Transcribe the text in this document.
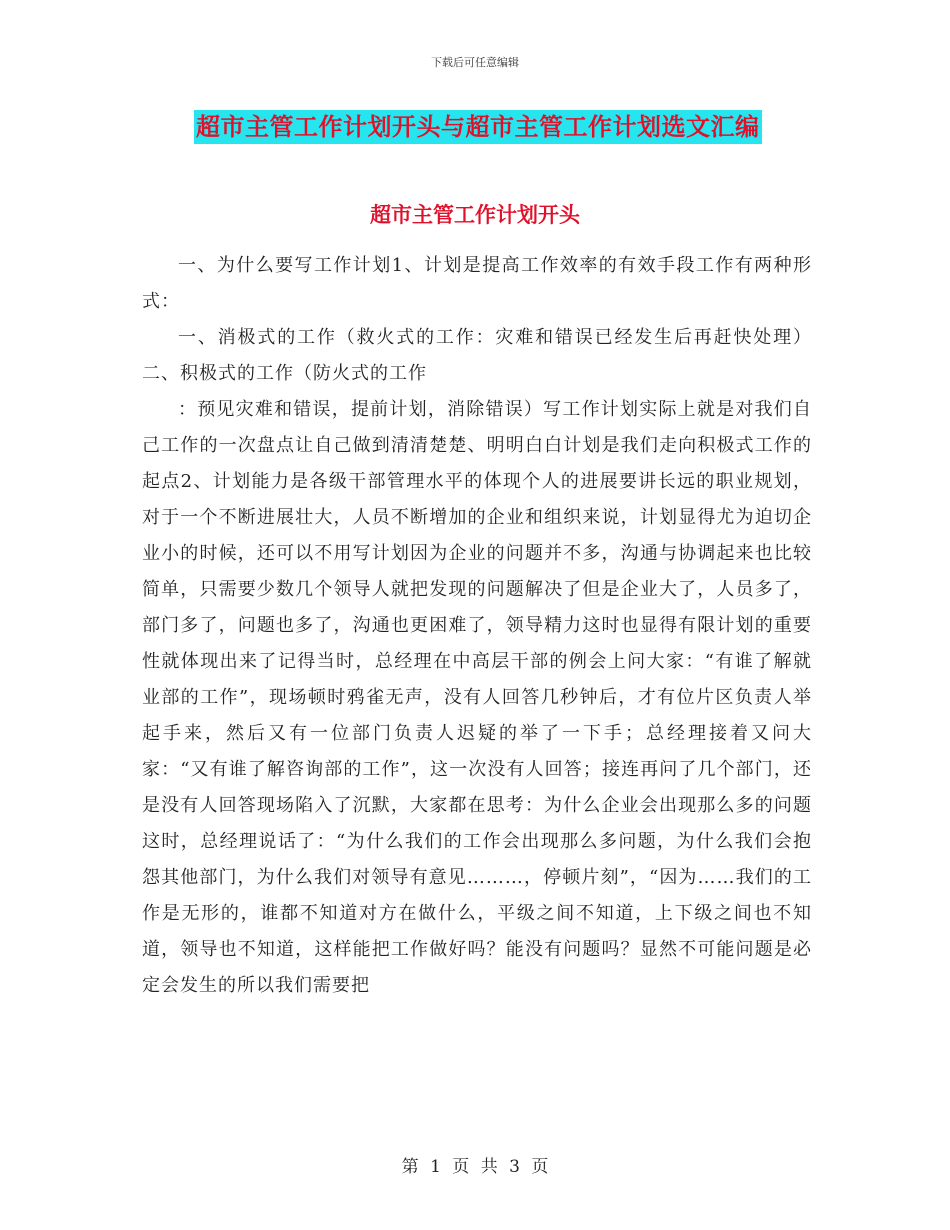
下载后可任意编辑
超市主管工作计划开头与超市主管工作计划选文汇编
超市主管工作计划开头

一、为什么要写工作计划1、计划是提高工作效率的有效手段工作有两种形式：

一、消极式的工作（救火式的工作：灾难和错误已经发生后再赶快处理）二、积极式的工作（防火式的工作

：预见灾难和错误，提前计划，消除错误）写工作计划实际上就是对我们自己工作的一次盘点让自己做到清清楚楚、明明白白计划是我们走向积极式工作的起点2、计划能力是各级干部管理水平的体现个人的进展要讲长远的职业规划，对于一个不断进展壮大，人员不断增加的企业和组织来说，计划显得尤为迫切企业小的时候，还可以不用写计划因为企业的问题并不多，沟通与协调起来也比较简单，只需要少数几个领导人就把发现的问题解决了但是企业大了，人员多了，部门多了，问题也多了，沟通也更困难了，领导精力这时也显得有限计划的重要性就体现出来了记得当时，总经理在中高层干部的例会上问大家：“有谁了解就业部的工作”，现场顿时鸦雀无声，没有人回答几秒钟后，才有位片区负责人举起手来，然后又有一位部门负责人迟疑的举了一下手；总经理接着又问大家：“又有谁了解咨询部的工作”，这一次没有人回答；接连再问了几个部门，还是没有人回答现场陷入了沉默，大家都在思考：为什么企业会出现那么多的问题这时，总经理说话了：“为什么我们的工作会出现那么多问题，为什么我们会抱怨其他部门，为什么我们对领导有意见………，停顿片刻”，“因为……我们的工作是无形的，谁都不知道对方在做什么，平级之间不知道，上下级之间也不知道，领导也不知道，这样能把工作做好吗？能没有问题吗？显然不可能问题是必定会发生的所以我们需要把

第 1 页 共 3 页
